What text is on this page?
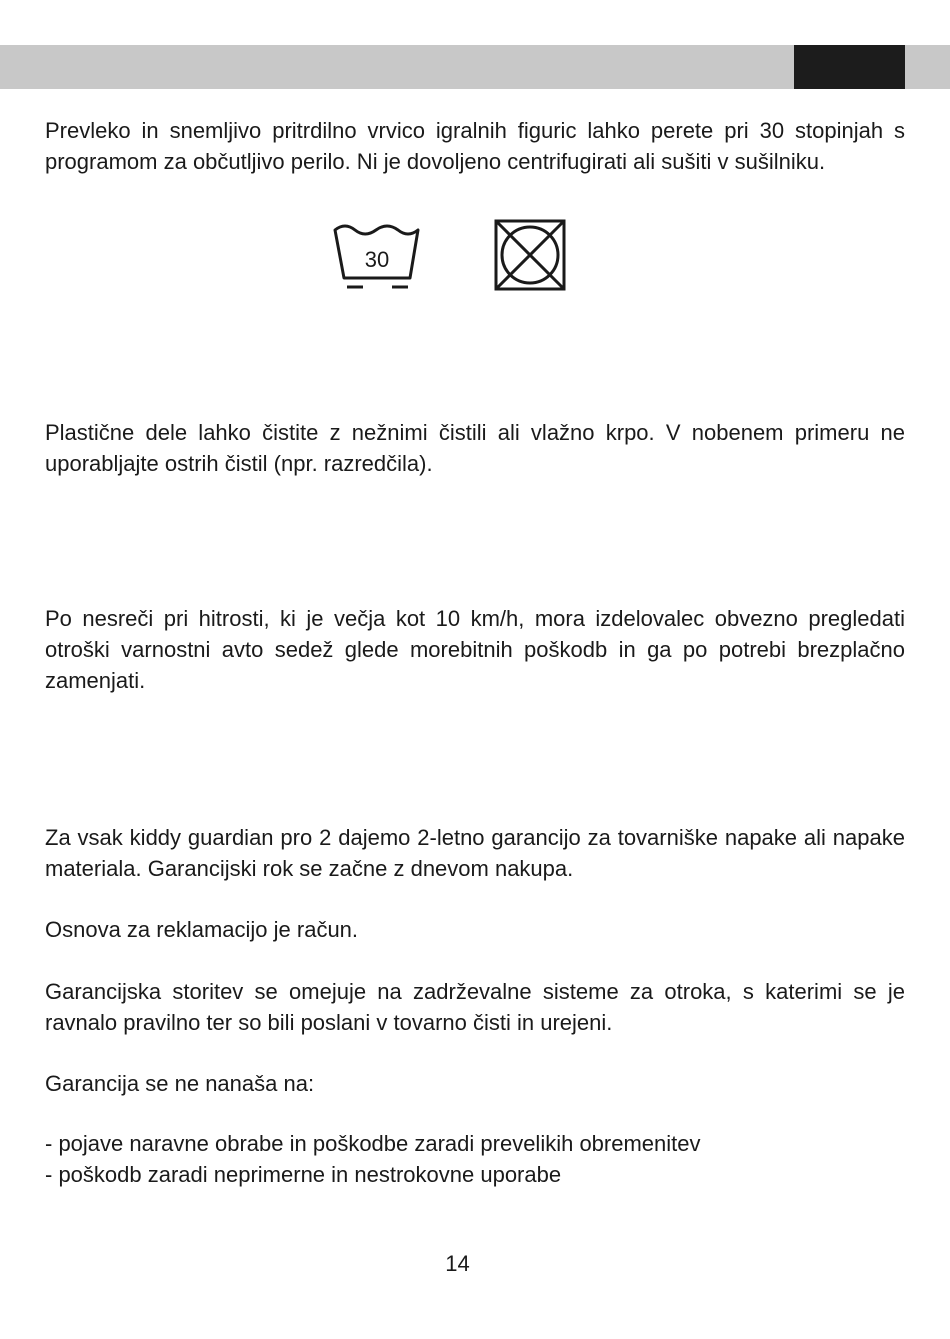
Prevleko in snemljivo pritrdilno vrvico igralnih figuric lahko perete pri 30 stopinjah s programom za občutljivo perilo. Ni je dovoljeno centrifugirati ali sušiti v sušilniku.

30

Plastične dele lahko čistite z nežnimi čistili ali vlažno krpo. V nobenem primeru ne uporabljajte ostrih čistil (npr. razredčila).

Po nesreči pri hitrosti, ki je večja kot 10 km/h, mora izdelovalec obvezno pregledati otroški varnostni avto sedež glede morebitnih poškodb in ga po potrebi brezplačno zamenjati.

Za vsak kiddy guardian pro 2 dajemo 2-letno garancijo za tovarniške napake ali napake materiala. Garancijski rok se začne z dnevom nakupa.

Osnova za reklamacijo je račun.

Garancijska storitev se omejuje na zadrževalne sisteme za otroka, s katerimi se je ravnalo pravilno ter so bili poslani v tovarno čisti in urejeni.

Garancija se ne nanaša na:

- pojave naravne obrabe in poškodbe zaradi prevelikih obremenitev

- poškodb zaradi neprimerne in nestrokovne uporabe

14
